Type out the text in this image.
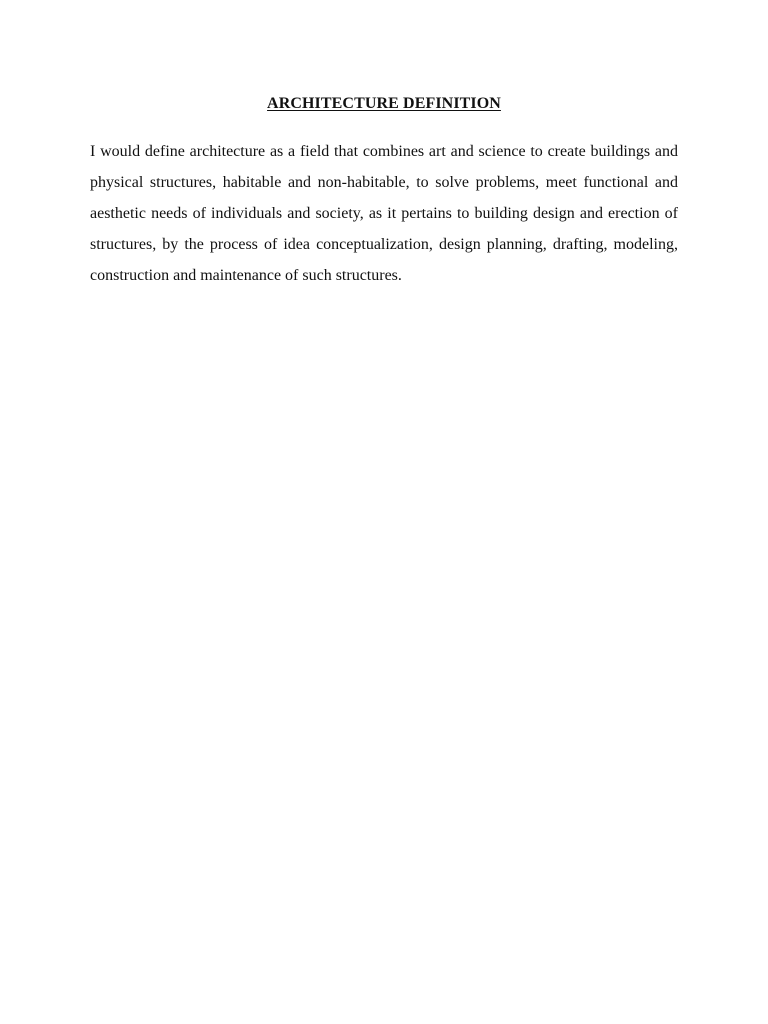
ARCHITECTURE DEFINITION

I would define architecture as a field that combines art and science to create buildings and physical structures, habitable and non-habitable, to solve problems, meet functional and aesthetic needs of individuals and society, as it pertains to building design and erection of structures, by the process of idea conceptualization, design planning, drafting, modeling, construction and maintenance of such structures.
